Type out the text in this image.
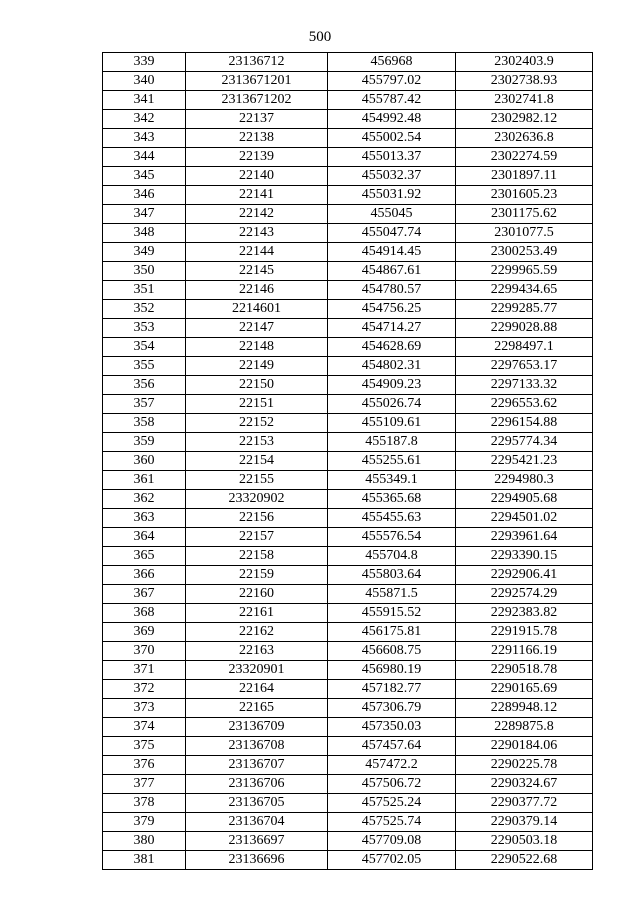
500
339	23136712	456968	2302403.9
340	2313671201	455797.02	2302738.93
341	2313671202	455787.42	2302741.8
342	22137	454992.48	2302982.12
343	22138	455002.54	2302636.8
344	22139	455013.37	2302274.59
345	22140	455032.37	2301897.11
346	22141	455031.92	2301605.23
347	22142	455045	2301175.62
348	22143	455047.74	2301077.5
349	22144	454914.45	2300253.49
350	22145	454867.61	2299965.59
351	22146	454780.57	2299434.65
352	2214601	454756.25	2299285.77
353	22147	454714.27	2299028.88
354	22148	454628.69	2298497.1
355	22149	454802.31	2297653.17
356	22150	454909.23	2297133.32
357	22151	455026.74	2296553.62
358	22152	455109.61	2296154.88
359	22153	455187.8	2295774.34
360	22154	455255.61	2295421.23
361	22155	455349.1	2294980.3
362	23320902	455365.68	2294905.68
363	22156	455455.63	2294501.02
364	22157	455576.54	2293961.64
365	22158	455704.8	2293390.15
366	22159	455803.64	2292906.41
367	22160	455871.5	2292574.29
368	22161	455915.52	2292383.82
369	22162	456175.81	2291915.78
370	22163	456608.75	2291166.19
371	23320901	456980.19	2290518.78
372	22164	457182.77	2290165.69
373	22165	457306.79	2289948.12
374	23136709	457350.03	2289875.8
375	23136708	457457.64	2290184.06
376	23136707	457472.2	2290225.78
377	23136706	457506.72	2290324.67
378	23136705	457525.24	2290377.72
379	23136704	457525.74	2290379.14
380	23136697	457709.08	2290503.18
381	23136696	457702.05	2290522.68
